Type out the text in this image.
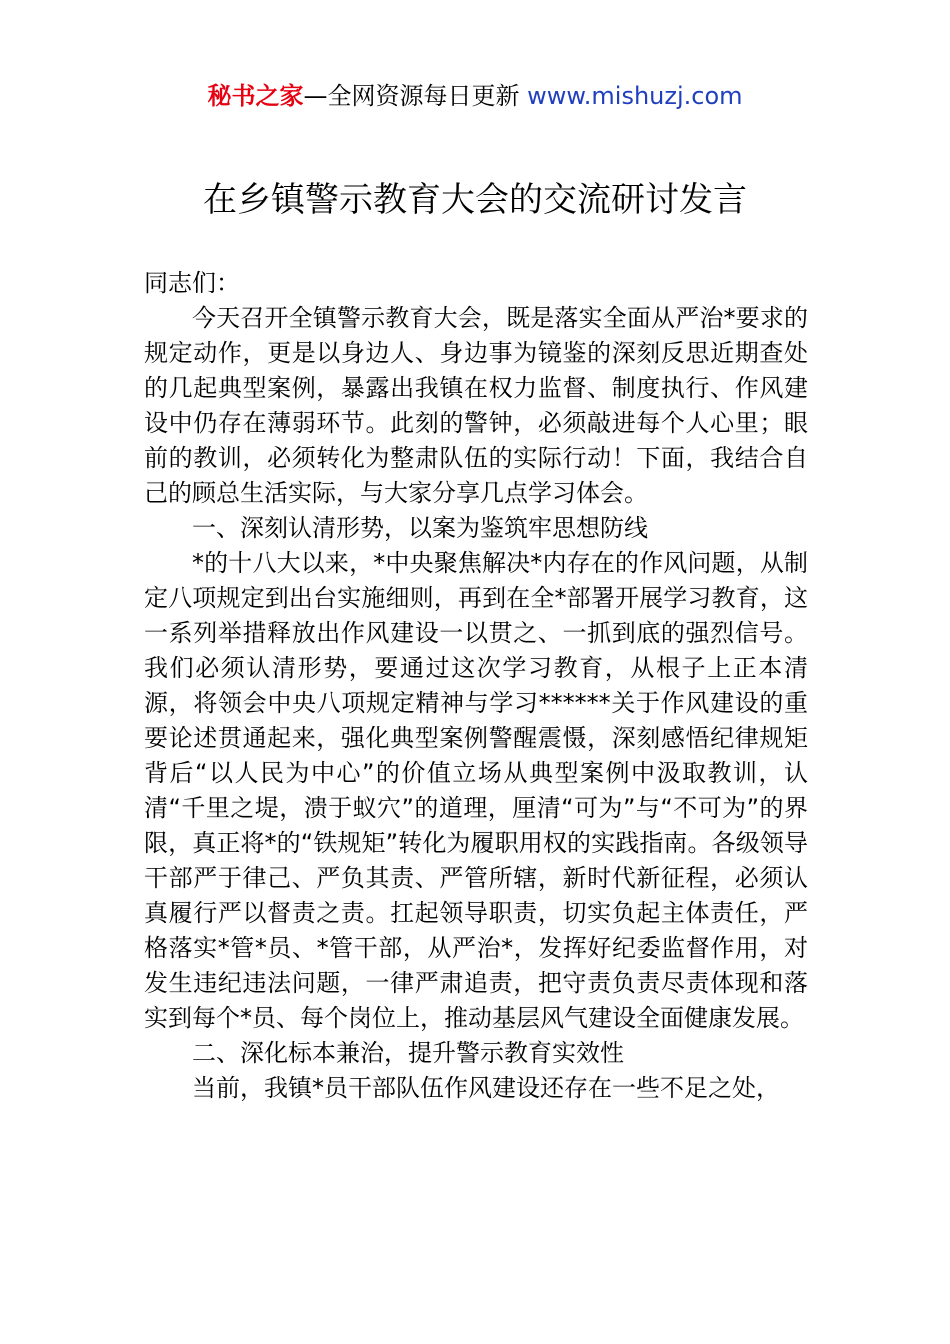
秘书之家—全网资源每日更新 www.mishuzj.com
在乡镇警示教育大会的交流研讨发言

同志们：

今天召开全镇警示教育大会，既是落实全面从严治*要求的规定动作，更是以身边人、身边事为镜鉴的深刻反思近期查处的几起典型案例，暴露出我镇在权力监督、制度执行、作风建设中仍存在薄弱环节。此刻的警钟，必须敲进每个人心里；眼前的教训，必须转化为整肃队伍的实际行动！下面，我结合自己的顾总生活实际，与大家分享几点学习体会。

一、深刻认清形势，以案为鉴筑牢思想防线

*的十八大以来，*中央聚焦解决*内存在的作风问题，从制定八项规定到出台实施细则，再到在全*部署开展学习教育，这一系列举措释放出作风建设一以贯之、一抓到底的强烈信号。我们必须认清形势，要通过这次学习教育，从根子上正本清源，将领会中央八项规定精神与学习******关于作风建设的重要论述贯通起来，强化典型案例警醒震慑，深刻感悟纪律规矩背后“以人民为中心”的价值立场从典型案例中汲取教训，认清“千里之堤，溃于蚁穴”的道理，厘清“可为”与“不可为”的界限，真正将*的“铁规矩”转化为履职用权的实践指南。各级领导干部严于律己、严负其责、严管所辖，新时代新征程，必须认真履行严以督责之责。扛起领导职责，切实负起主体责任，严格落实*管*员、*管干部，从严治*，发挥好纪委监督作用，对发生违纪违法问题，一律严肃追责，把守责负责尽责体现和落实到每个*员、每个岗位上，推动基层风气建设全面健康发展。

二、深化标本兼治，提升警示教育实效性

当前，我镇*员干部队伍作风建设还存在一些不足之处，
